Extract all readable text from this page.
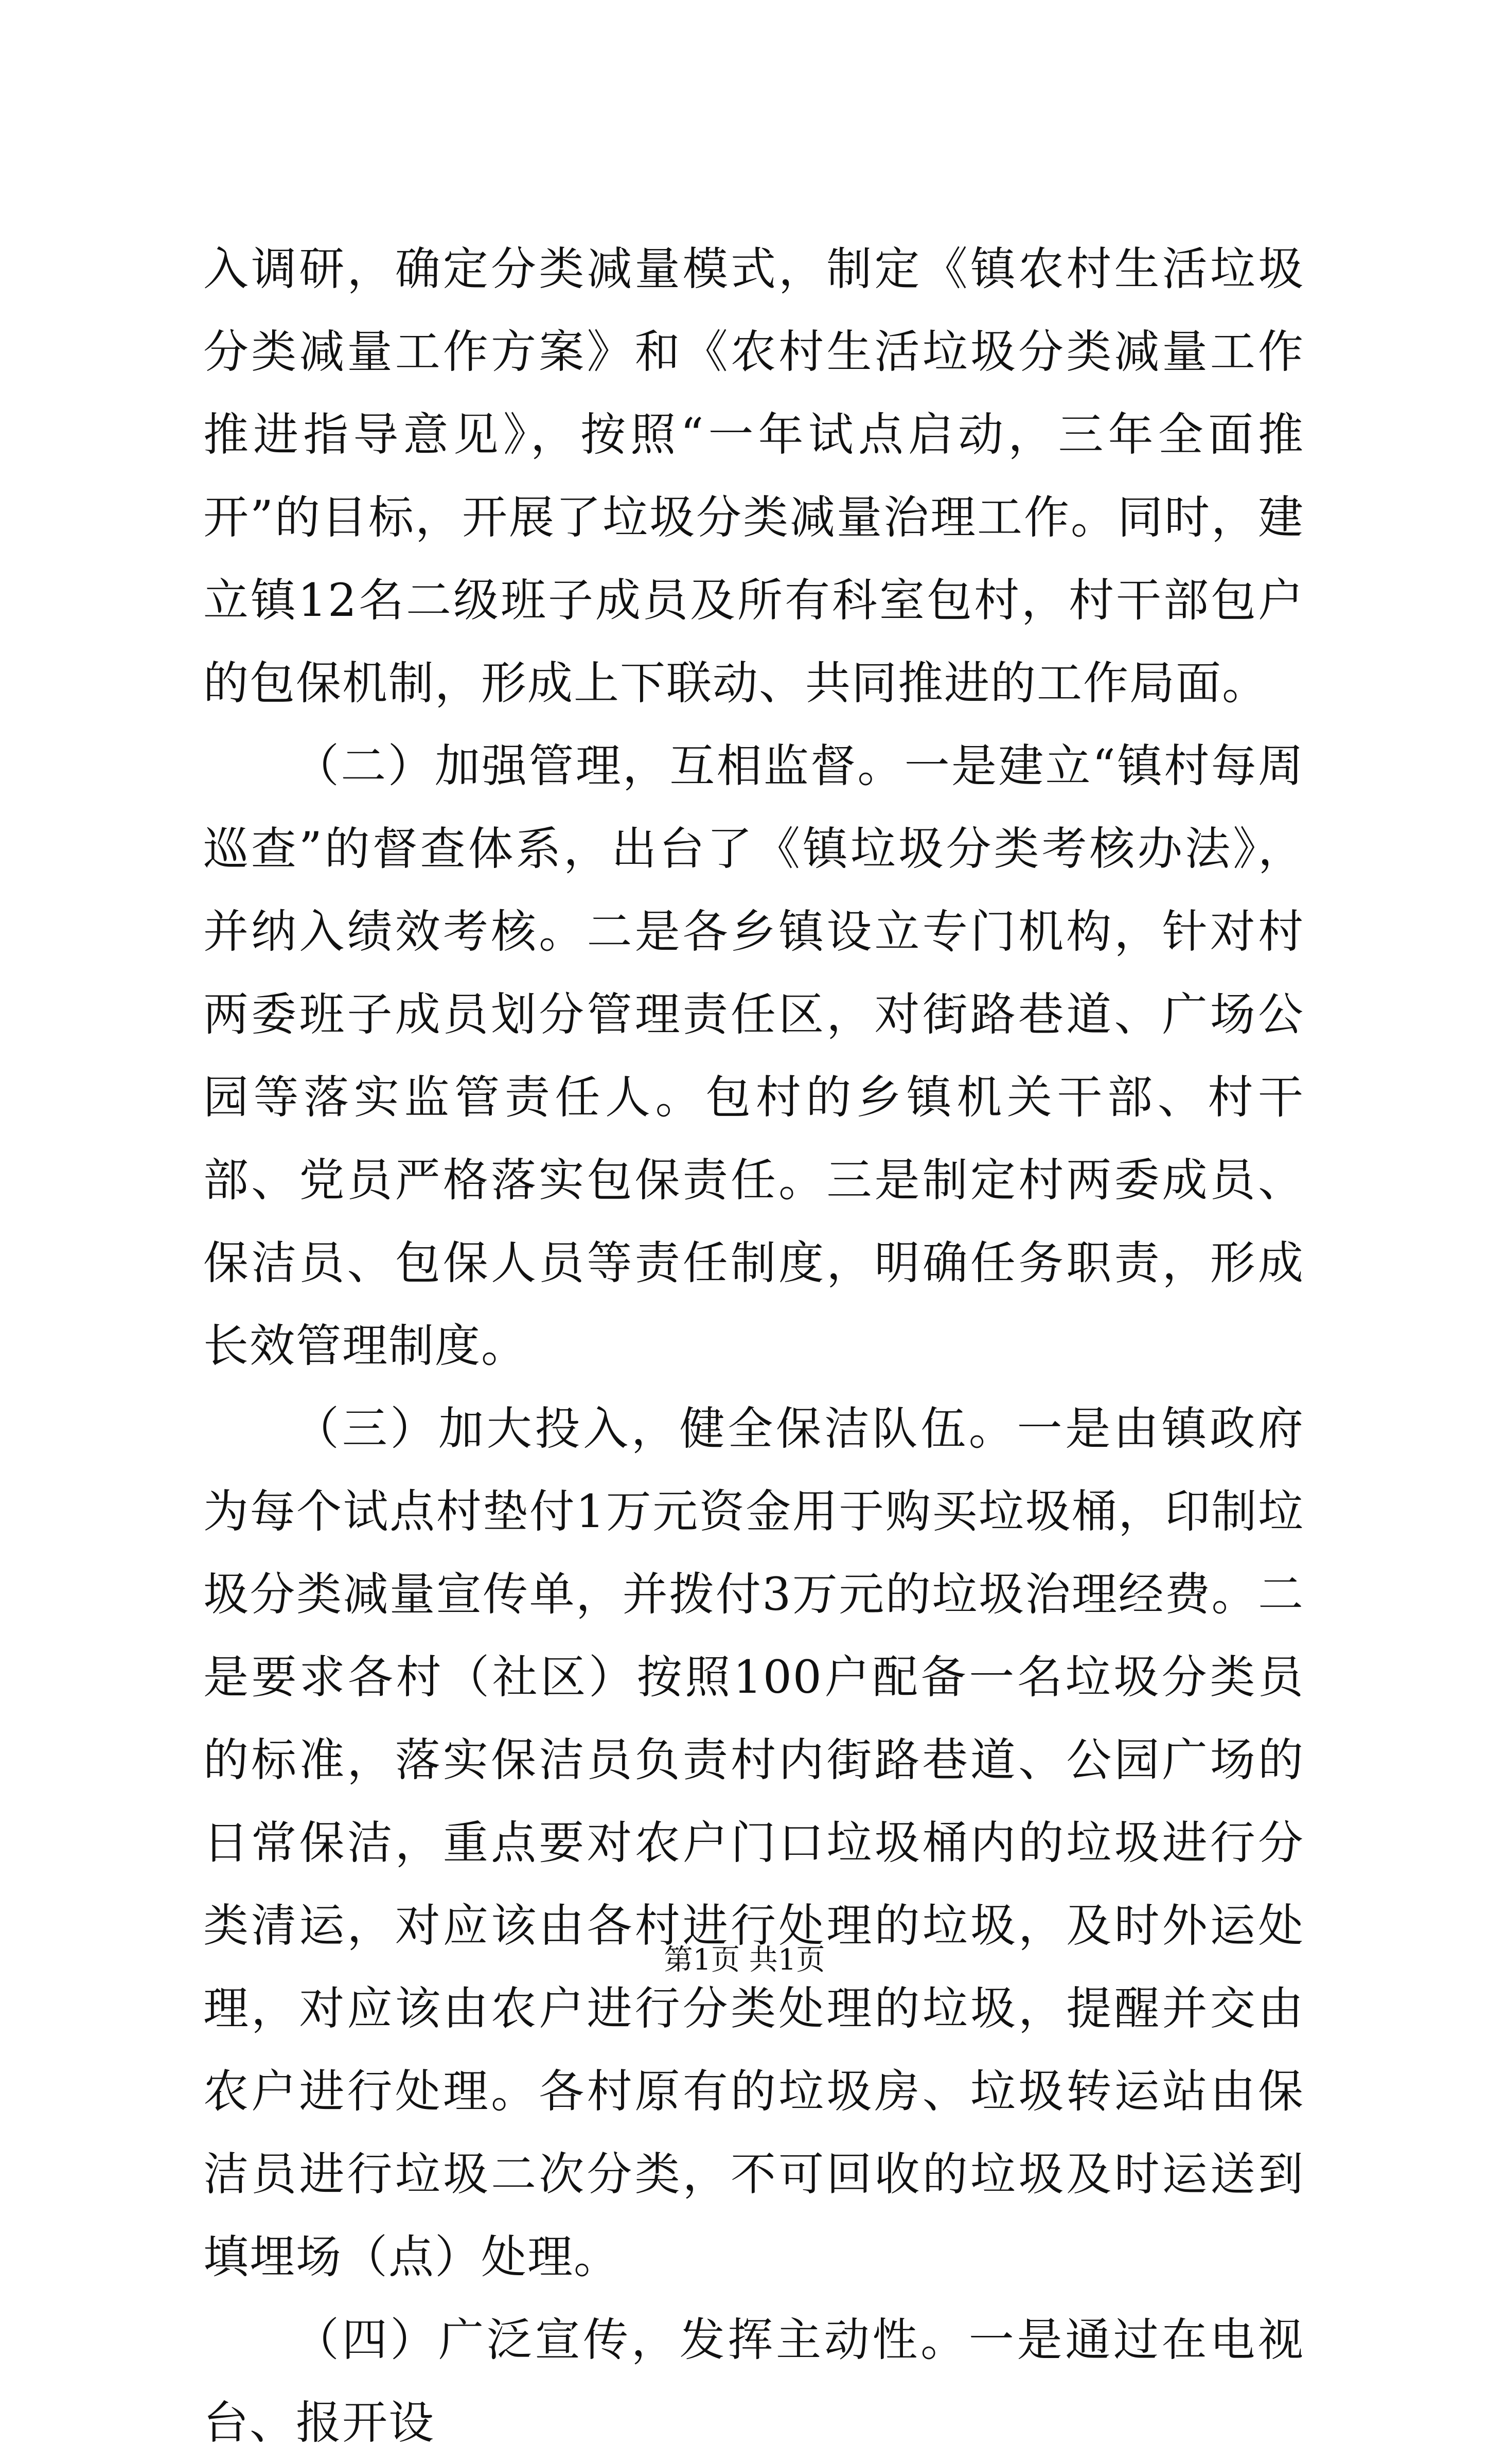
入调研，确定分类减量模式，制定《镇农村生活垃圾分类减量工作方案》和《农村生活垃圾分类减量工作推进指导意见》，按照“一年试点启动，三年全面推开”的目标，开展了垃圾分类减量治理工作。同时，建立镇12名二级班子成员及所有科室包村，村干部包户的包保机制，形成上下联动、共同推进的工作局面。

（二）加强管理，互相监督。一是建立“镇村每周巡查”的督查体系，出台了《镇垃圾分类考核办法》，并纳入绩效考核。二是各乡镇设立专门机构，针对村两委班子成员划分管理责任区，对街路巷道、广场公园等落实监管责任人。包村的乡镇机关干部、村干部、党员严格落实包保责任。三是制定村两委成员、保洁员、包保人员等责任制度，明确任务职责，形成长效管理制度。

（三）加大投入，健全保洁队伍。一是由镇政府为每个试点村垫付1万元资金用于购买垃圾桶，印制垃圾分类减量宣传单，并拨付3万元的垃圾治理经费。二是要求各村（社区）按照100户配备一名垃圾分类员的标准，落实保洁员负责村内街路巷道、公园广场的日常保洁，重点要对农户门口垃圾桶内的垃圾进行分类清运，对应该由各村进行处理的垃圾，及时外运处理，对应该由农户进行分类处理的垃圾，提醒并交由农户进行处理。各村原有的垃圾房、垃圾转运站由保洁员进行垃圾二次分类，不可回收的垃圾及时运送到填埋场（点）处理。

（四）广泛宣传，发挥主动性。一是通过在电视台、报开设

第1页 共1页
